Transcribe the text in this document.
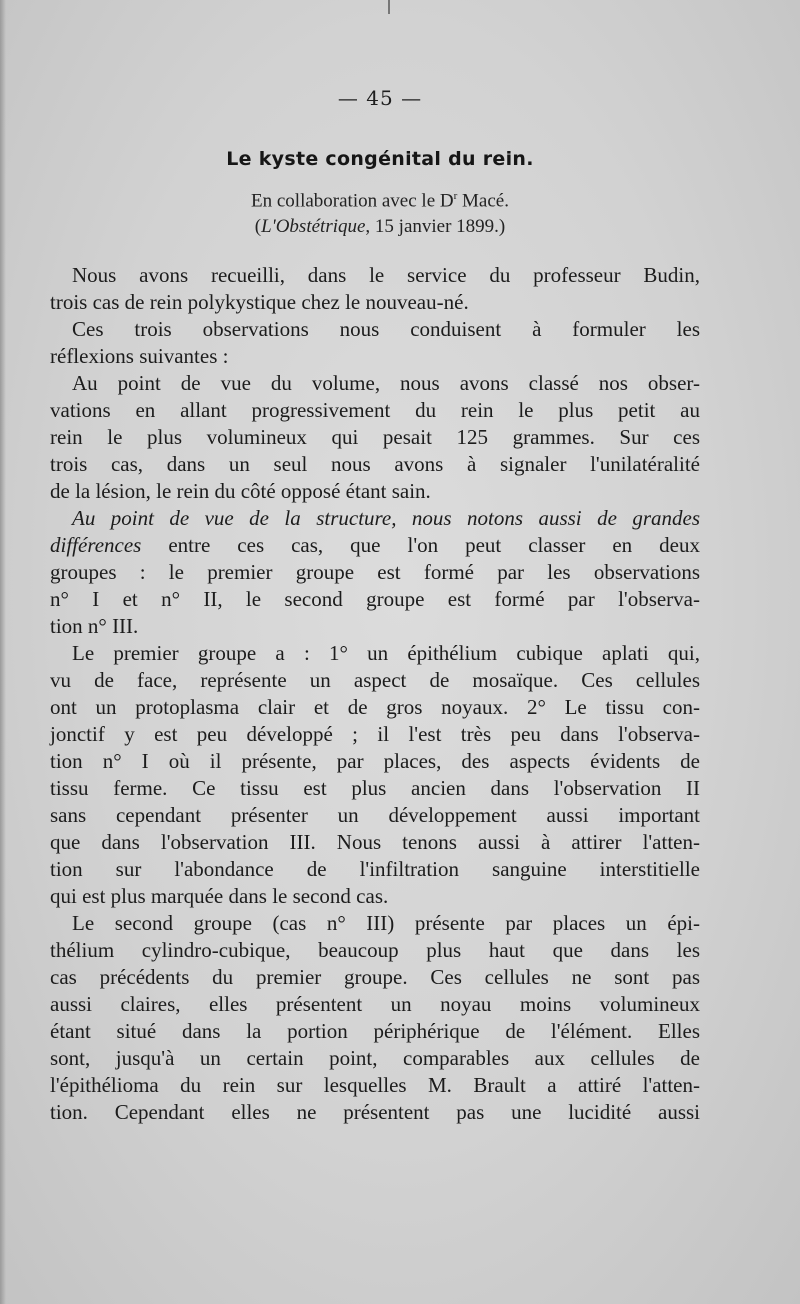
— 45 —
Le kyste congénital du rein.
En collaboration avec le $D^r$ Macé.
(L'Obstétrique, 15 janvier 1899.)
Nous avons recueilli, dans le service du professeur Budin,
trois cas de rein polykystique chez le nouveau-né.
Ces trois observations nous conduisent à formuler les
réflexions suivantes :
Au point de vue du volume, nous avons classé nos obser-
vations en allant progressivement du rein le plus petit au
rein le plus volumineux qui pesait 125 grammes. Sur ces
trois cas, dans un seul nous avons à signaler l'unilatéralité
de la lésion, le rein du côté opposé étant sain.
Au point de vue de la structure, nous notons aussi de grandes
différences entre ces cas, que l'on peut classer en deux
groupes : le premier groupe est formé par les observations
n° I et n° II, le second groupe est formé par l'observa-
tion n° III.
Le premier groupe a : 1° un épithélium cubique aplati qui,
vu de face, représente un aspect de mosaïque. Ces cellules
ont un protoplasma clair et de gros noyaux. 2° Le tissu con-
jonctif y est peu développé ; il l'est très peu dans l'observa-
tion n° I où il présente, par places, des aspects évidents de
tissu ferme. Ce tissu est plus ancien dans l'observation II
sans cependant présenter un développement aussi important
que dans l'observation III. Nous tenons aussi à attirer l'atten-
tion sur l'abondance de l'infiltration sanguine interstitielle
qui est plus marquée dans le second cas.
Le second groupe (cas n° III) présente par places un épi-
thélium cylindro-cubique, beaucoup plus haut que dans les
cas précédents du premier groupe. Ces cellules ne sont pas
aussi claires, elles présentent un noyau moins volumineux
étant situé dans la portion périphérique de l'élément. Elles
sont, jusqu'à un certain point, comparables aux cellules de
l'épithélioma du rein sur lesquelles M. Brault a attiré l'atten-
tion. Cependant elles ne présentent pas une lucidité aussi
